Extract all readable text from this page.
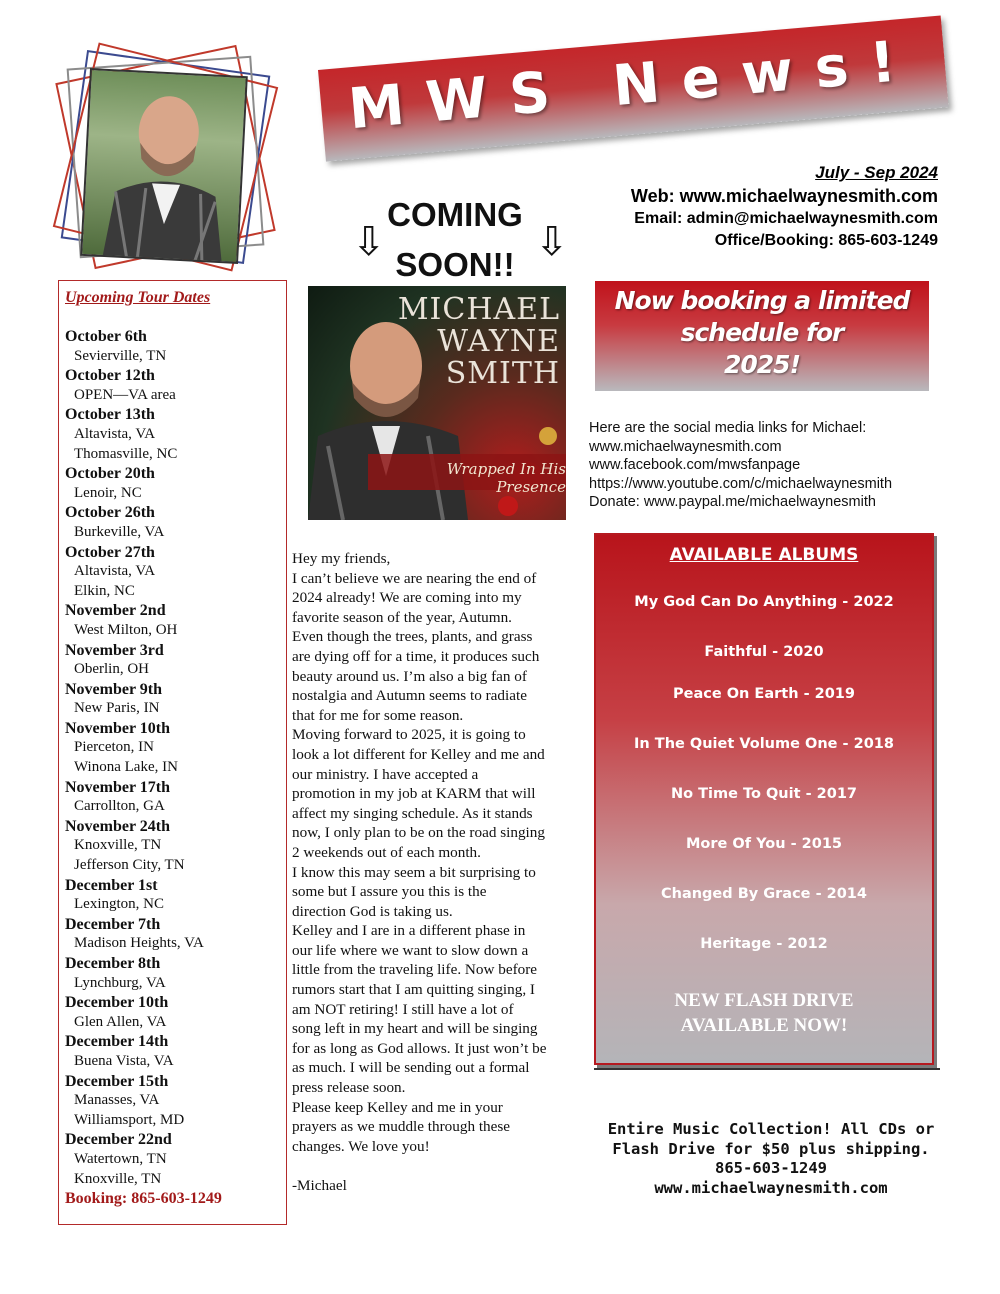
MWS News!
July - Sep 2024
Web: www.michaelwaynesmith.com
Email: admin@michaelwaynesmith.com
Office/Booking: 865-603-1249
COMING
SOON!!
⇩	⇩
MICHAEL
WAYNE
SMITH
Wrapped In His Presence
Now booking a limited
schedule for
2025!
Here are the social media links for Michael:
www.michaelwaynesmith.com
www.facebook.com/mwsfanpage
https://www.youtube.com/c/michaelwaynesmith
Donate: www.paypal.me/michaelwaynesmith
AVAILABLE ALBUMS
My God Can Do Anything - 2022
Faithful - 2020
Peace On Earth - 2019
In The Quiet Volume One - 2018
No Time To Quit - 2017
More Of You - 2015
Changed By Grace - 2014
Heritage - 2012
NEW FLASH DRIVE
AVAILABLE NOW!
Entire Music Collection! All CDs or
Flash Drive for $50 plus shipping.
865-603-1249
www.michaelwaynesmith.com
Upcoming Tour Dates
October 6th
Sevierville, TN
October 12th
OPEN—VA area
October 13th
Altavista, VA
Thomasville, NC
October 20th
Lenoir, NC
October 26th
Burkeville, VA
October 27th
Altavista, VA
Elkin, NC
November 2nd
West Milton, OH
November 3rd
Oberlin, OH
November 9th
New Paris, IN
November 10th
Pierceton, IN
Winona Lake, IN
November 17th
Carrollton, GA
November 24th
Knoxville, TN
Jefferson City, TN
December 1st
Lexington, NC
December 7th
Madison Heights, VA
December 8th
Lynchburg, VA
December 10th
Glen Allen, VA
December 14th
Buena Vista, VA
December 15th
Manasses, VA
Williamsport, MD
December 22nd
Watertown, TN
Knoxville, TN
Booking: 865-603-1249

Hey my friends,

I can’t believe we are nearing the end of

2024 already! We are coming into my

favorite season of the year, Autumn.

Even though the trees, plants, and grass

are dying off for a time, it produces such

beauty around us. I’m also a big fan of

nostalgia and Autumn seems to radiate

that for me for some reason.

Moving forward to 2025, it is going to

look a lot different for Kelley and me and

our ministry. I have accepted a

promotion in my job at KARM that will

affect my singing schedule. As it stands

now, I only plan to be on the road singing

2 weekends out of each month.

I know this may seem a bit surprising to

some but I assure you this is the

direction God is taking us.

Kelley and I are in a different phase in

our life where we want to slow down a

little from the traveling life. Now before

rumors start that I am quitting singing, I

am NOT retiring! I still have a lot of

song left in my heart and will be singing

for as long as God allows. It just won’t be

as much. I will be sending out a formal

press release soon.

Please keep Kelley and me in your

prayers as we muddle through these

changes. We love you!

-Michael
